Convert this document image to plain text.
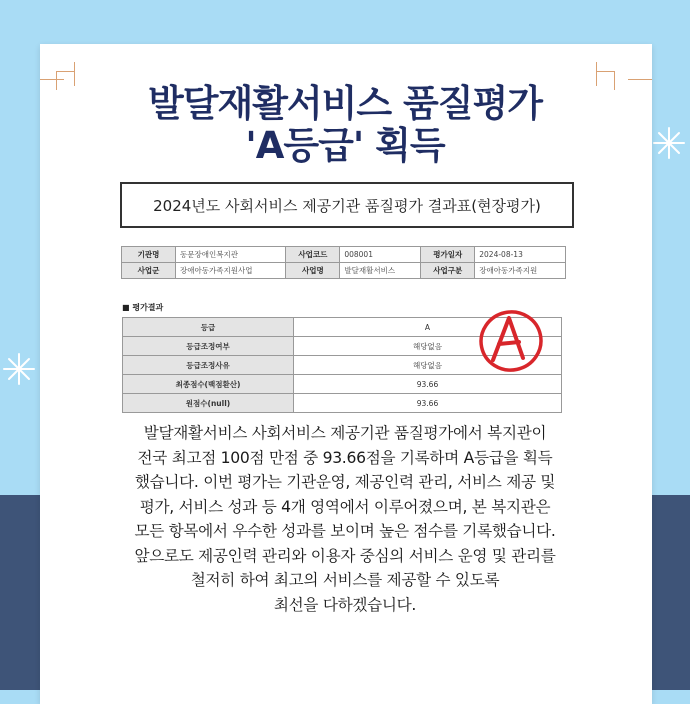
발달재활서비스 품질평가
'A등급' 획득
2024년도 사회서비스 제공기관 품질평가 결과표(현장평가)
기관명	동문장애인복지관	사업코드	008001	평가일자	2024-08-13
사업군	장애아동가족지원사업	사업명	발달재활서비스	사업구분	장애아동가족지원
■ 평가결과
등급	A
등급조정여부	해당없음
등급조정사유	해당없음
최종점수(백점환산)	93.66
원점수(null)	93.66
발달재활서비스 사회서비스 제공기관 품질평가에서 복지관이
전국 최고점 100점 만점 중 93.66점을 기록하며 A등급을 획득
했습니다. 이번 평가는 기관운영, 제공인력 관리, 서비스 제공 및
평가, 서비스 성과 등 4개 영역에서 이루어졌으며, 본 복지관은
모든 항목에서 우수한 성과를 보이며 높은 점수를 기록했습니다.
앞으로도 제공인력 관리와 이용자 중심의 서비스 운영 및 관리를
철저히 하여 최고의 서비스를 제공할 수 있도록
최선을 다하겠습니다.
